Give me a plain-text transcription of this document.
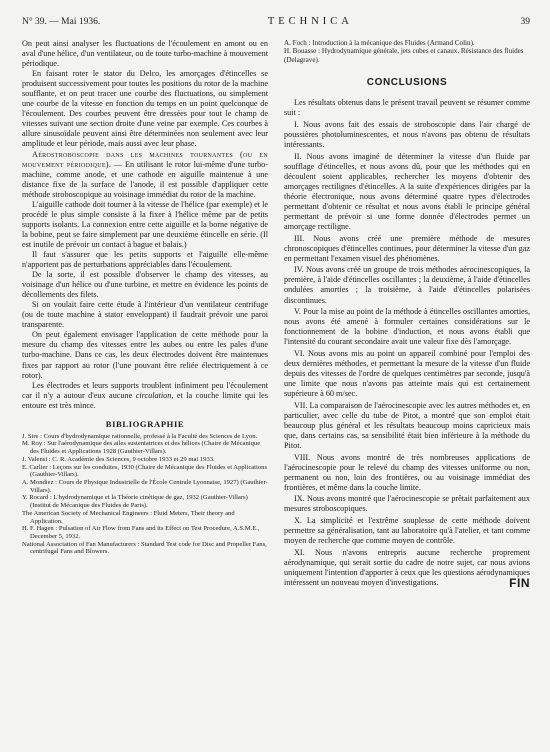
N° 39. — Mai 1936.	TECHNICA	39

On peut ainsi analyser les fluctuations de l'écoulement en amont ou en aval d'une hélice, d'un ventilateur, ou de toute turbo-machine à mouvement périodique.

En faisant roter le stator du Delco, les amorçages d'étincelles se produisent successivement pour toutes les positions du rotor de la machine soufflante, et on peut tracer une courbe des fluctuations, ou simplement une courbe de la vitesse en fonction du temps en un point quelconque de l'écoulement. Des courbes peuvent être dressées pour tout le champ de vitesses suivant une section droite d'une veine par exemple. Ces courbes à allure sinusoïdale peuvent ainsi être déterminées non seulement avec leur amplitude et leur période, mais aussi avec leur phase.

Aérostroboscopie dans les machines tournantes (ou en mouvement périodique). — En utilisant le rotor lui-même d'une turbo-machine, comme anode, et une cathode en aiguille maintenue à une distance fixe de la surface de l'anode, il est possible d'appliquer cette méthode stroboscopique au voisinage immédiat du rotor de la machine.

L'aiguille cathode doit tourner à la vitesse de l'hélice (par exemple) et le procédé le plus simple consiste à la fixer à l'hélice même par de petits supports isolants. La connexion entre cette aiguille et la borne négative de la bobine, peut se faire simplement par une deuxième étincelle en série. (Il est inutile de prévoir un contact à bague et balais.)

Il faut s'assurer que les petits supports et l'aiguille elle-même n'apportent pas de perturbations appréciables dans l'écoulement.

De la sorte, il est possible d'observer le champ des vitesses, au voisinage d'un hélice ou d'une turbine, et mettre en évidence les points de décollements des filets.

Si on voulait faire cette étude à l'intérieur d'un ventilateur centrifuge (ou de toute machine à stator enveloppant) il faudrait prévoir une paroi transparente.

On peut également envisager l'application de cette méthode pour la mesure du champ des vitesses entre les aubes ou entre les pales d'une turbo-machine. Dans ce cas, les deux électrodes doivent être maintenues fixes par rapport au rotor (l'une pouvant être reliée électriquement à ce rotor).

Les électrodes et leurs supports troublent infiniment peu l'écoulement car il n'y a autour d'eux aucune circulation, et la couche limite qui les entoure est très mince.

BIBLIOGRAPHIE
J. Sire : Cours d'hydrodynamique rationnelle, professé à la Faculté des Sciences de Lyon.
M. Roy : Sur l'aérodynamique des ailes sustentatrices et des hélices (Chaire de Mécanique des Fluides et Applications 1928 (Gauthier-Villars).
J. Valensi : C. R. Académie des Sciences, 9 octobre 1933 et 29 mai 1933.
E. Carlier : Leçons sur les conduites, 1930 (Chaire de Mécanique des Fluides et Applications (Gauthier-Villars).
A. Mondiez : Cours de Physique Industrielle de l'École Centrale Lyonnaise, 1927) (Gauthier-Villars).
Y. Rocard : L'hydrodynamique et la Théorie cinétique de gaz, 1932 (Gauthier-Villars) (Institut de Mécanique des Fluides de Paris).
The American Society of Mechanical Engineers : Fluid Meters, Their theory and Application.
H. F. Hagen : Pulsation of Air Flow from Fans and its Effect on Test Procedure, A.S.M.E., December 5, 1932.
National Association of Fan Manufacturers : Standard Test code for Disc and Propeller Fans, centrifugal Fans and Blowers.
A. Foch : Introduction à la mécanique des Fluides (Armand Colin).
H. Bouasse : Hydrodynamique générale, jets cubes et canaux. Résistance des fluides (Delagrave).
CONCLUSIONS

Les résultats obtenus dans le présent travail peuvent se résumer comme suit :

I. Nous avons fait des essais de stroboscopie dans l'air chargé de poussières photoluminescentes, et nous n'avons pas obtenu de résultats intéressants.

II. Nous avons imaginé de déterminer la vitesse d'un fluide par soufflage d'étincelles, et nous avons dû, pour que les méthodes qui en découlent soient applicables, rechercher les moyens d'obtenir des amorçages rectilignes d'étincelles. A la suite d'expériences dirigées par la théorie électronique, nous avons déterminé quatre types d'électrodes permettant d'obtenir ce résultat et nous avons établi le principe général permettant de prévoir si une forme donnée d'électrodes permet un amorçage rectiligne.

III. Nous avons créé une première méthode de mesures chronoscopiques d'étincelles continues, pour déterminer la vitesse d'un gaz en permettant l'examen visuel des phénomènes.

IV. Nous avons créé un groupe de trois méthodes aérocinescopiques, la première, à l'aide d'étincelles oscillantes ; la deuxième, à l'aide d'étincelles ondulées amorties ; la troisième, à l'aide d'étincelles polarisées discontinues.

V. Pour la mise au point de la méthode à étincelles oscillantes amorties, nous avons été amené à formuler certaines considérations sur le fonctionnement de la bobine d'induction, et nous avons établi que l'intensité du courant secondaire avait une valeur fixe dès l'amorçage.

VI. Nous avons mis au point un appareil combiné pour l'emploi des deux dernières méthodes, et permettant la mesure de la vitesse d'un fluide depuis des vitesses de l'ordre de quelques centimètres par seconde, jusqu'à une limite que nous n'avons pas atteinte mais qui est certainement supérieure à 60 m/sec.

VII. La comparaison de l'aérocinescopie avec les autres méthodes et, en particulier, avec celle du tube de Pitot, a montré que son emploi était beaucoup plus général et les résultats beaucoup moins capricieux mais que, dans certains cas, sa sensibilité était bien inférieure à la méthode du Pitot.

VIII. Nous avons montré de très nombreuses applications de l'aérocinescopie pour le relevé du champ des vitesses uniforme ou non, permanent ou non, loin des frontières, ou au voisinage immédiat des frontières, et même dans la couche limite.

IX. Nous avons montré que l'aérocinescopie se prêtait parfaitement aux mesures stroboscopiques.

X. La simplicité et l'extrême souplesse de cette méthode doivent permettre sa généralisation, tant au laboratoire qu'à l'atelier, et tant comme moyen de recherche que comme moyen de contrôle.

XI. Nous n'avons entrepris aucune recherche proprement aérodynamique, qui serait sortie du cadre de notre sujet, car nous avions uniquement l'intention d'apporter à ceux que les questions aérodynamiques intéressent un nouveau moyen d'investigations.	FIN
